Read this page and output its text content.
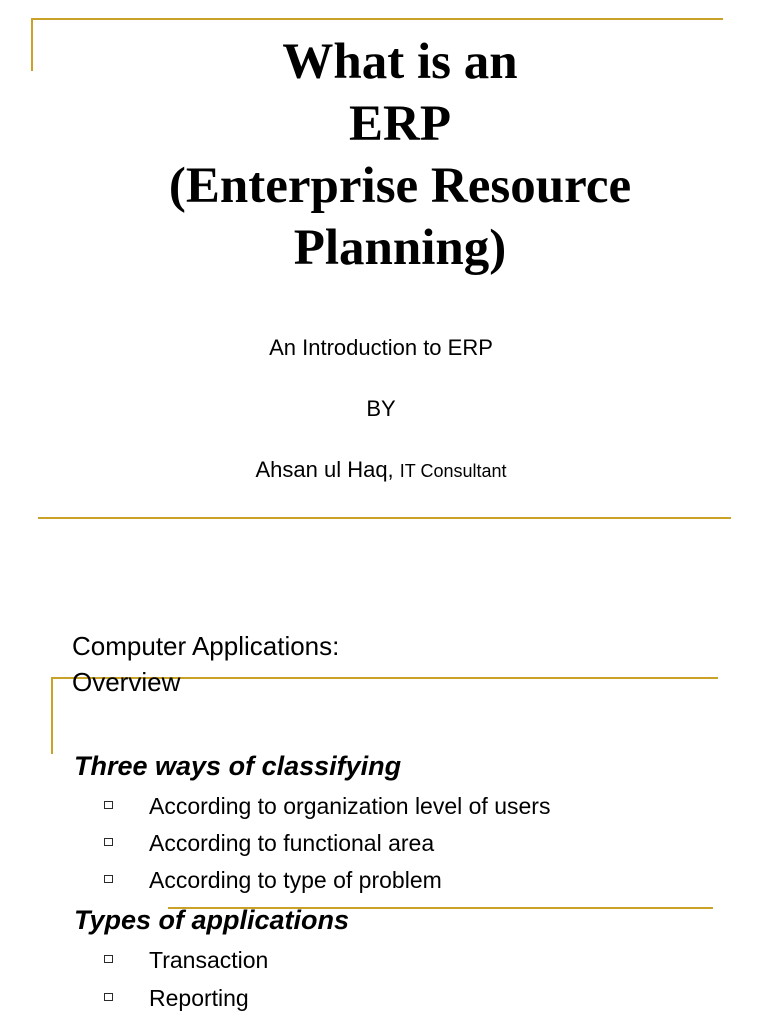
What is an
ERP
(Enterprise Resource
Planning)

An Introduction to ERP

BY

Ahsan ul Haq, IT Consultant

Computer Applications:
Overview
Three ways of classifying
According to organization level of users
According to functional area
According to type of problem
Types of applications
Transaction
Reporting
